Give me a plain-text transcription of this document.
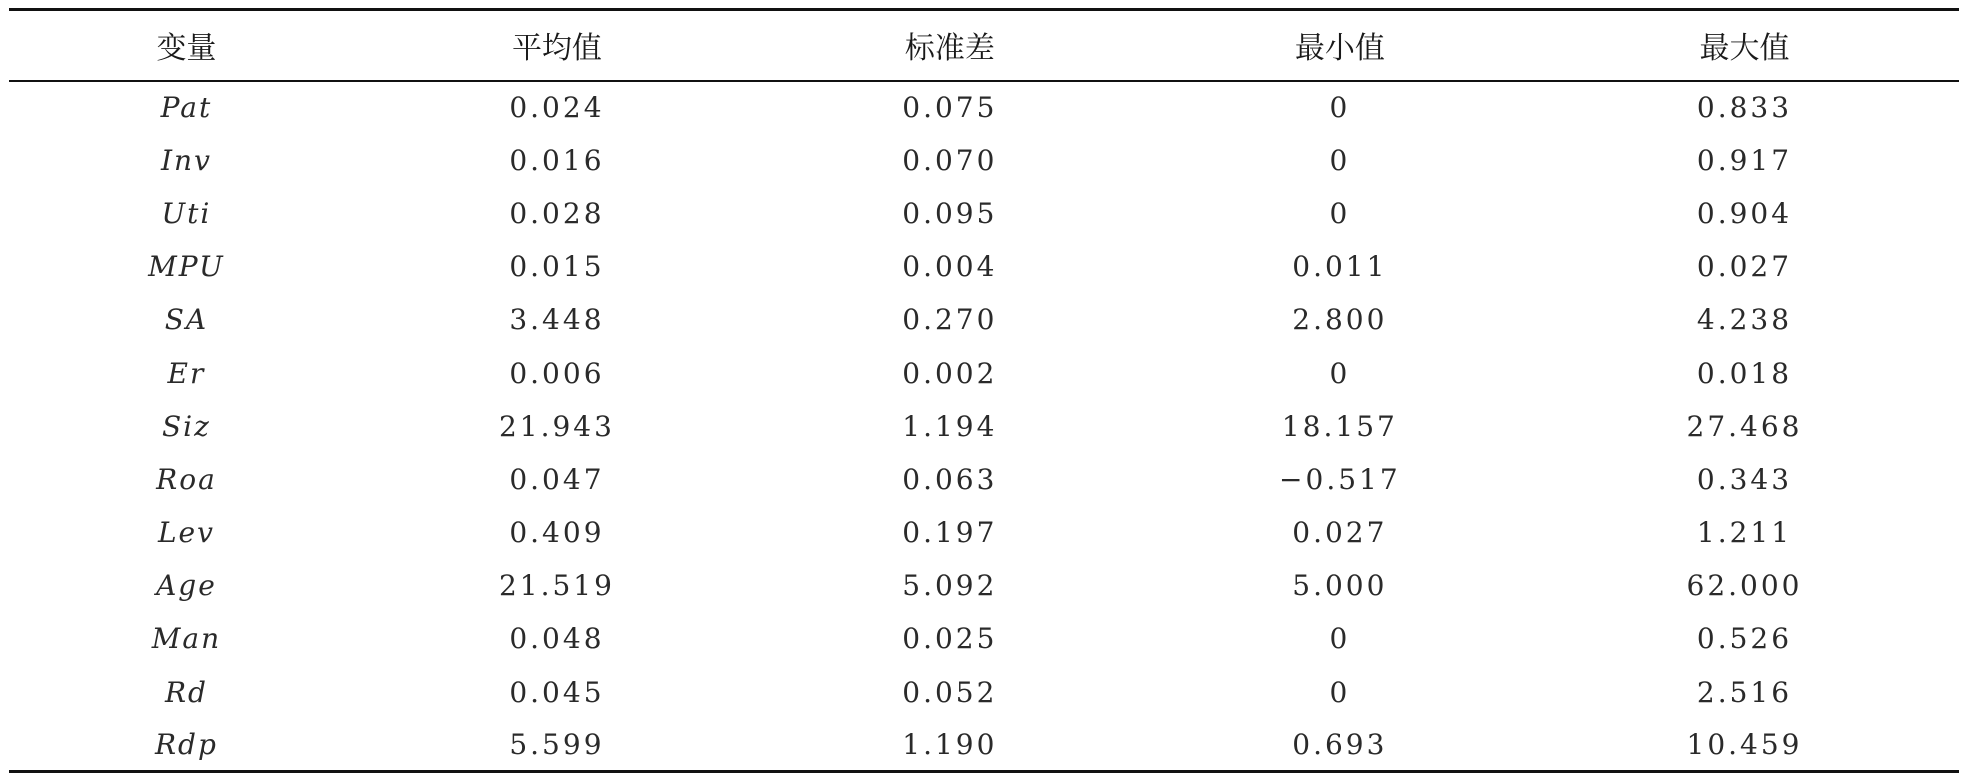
变量	平均值	标准差	最小值	最大值
Pat	0.024	0.075	0	0.833
Inv	0.016	0.070	0	0.917
Uti	0.028	0.095	0	0.904
MPU	0.015	0.004	0.011	0.027
SA	3.448	0.270	2.800	4.238
Er	0.006	0.002	0	0.018
Siz	21.943	1.194	18.157	27.468
Roa	0.047	0.063	−0.517	0.343
Lev	0.409	0.197	0.027	1.211
Age	21.519	5.092	5.000	62.000
Man	0.048	0.025	0	0.526
Rd	0.045	0.052	0	2.516
Rdp	5.599	1.190	0.693	10.459
